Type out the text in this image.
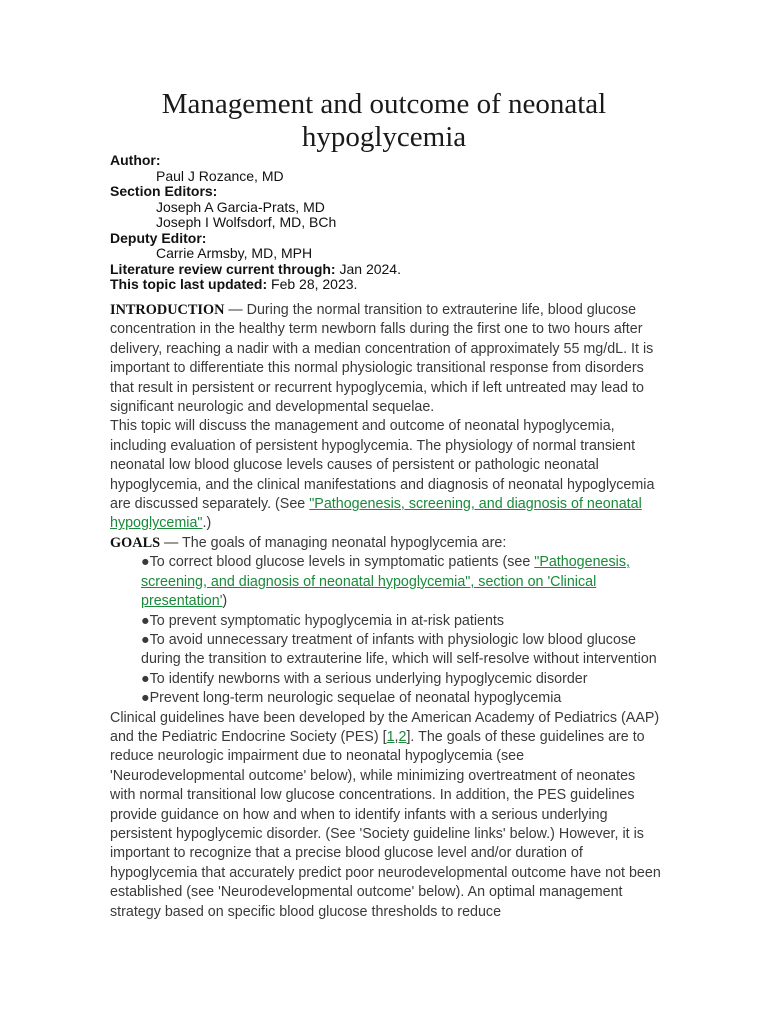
Management and outcome of neonatal hypoglycemia
Author:
Paul J Rozance, MD
Section Editors:
Joseph A Garcia-Prats, MD
Joseph I Wolfsdorf, MD, BCh
Deputy Editor:
Carrie Armsby, MD, MPH
Literature review current through: Jan 2024.
This topic last updated: Feb 28, 2023.

INTRODUCTION — During the normal transition to extrauterine life, blood glucose concentration in the healthy term newborn falls during the first one to two hours after delivery, reaching a nadir with a median concentration of approximately 55 mg/dL. It is important to differentiate this normal physiologic transitional response from disorders that result in persistent or recurrent hypoglycemia, which if left untreated may lead to significant neurologic and developmental sequelae.

This topic will discuss the management and outcome of neonatal hypoglycemia, including evaluation of persistent hypoglycemia. The physiology of normal transient neonatal low blood glucose levels causes of persistent or pathologic neonatal hypoglycemia, and the clinical manifestations and diagnosis of neonatal hypoglycemia are discussed separately. (See "Pathogenesis, screening, and diagnosis of neonatal hypoglycemia".)

GOALS — The goals of managing neonatal hypoglycemia are:

●To correct blood glucose levels in symptomatic patients (see "Pathogenesis, screening, and diagnosis of neonatal hypoglycemia", section on 'Clinical presentation')

●To prevent symptomatic hypoglycemia in at-risk patients

●To avoid unnecessary treatment of infants with physiologic low blood glucose during the transition to extrauterine life, which will self-resolve without intervention

●To identify newborns with a serious underlying hypoglycemic disorder

●Prevent long-term neurologic sequelae of neonatal hypoglycemia

Clinical guidelines have been developed by the American Academy of Pediatrics (AAP) and the Pediatric Endocrine Society (PES) [1,2]. The goals of these guidelines are to reduce neurologic impairment due to neonatal hypoglycemia (see 'Neurodevelopmental outcome' below), while minimizing overtreatment of neonates with normal transitional low glucose concentrations. In addition, the PES guidelines provide guidance on how and when to identify infants with a serious underlying persistent hypoglycemic disorder. (See 'Society guideline links' below.) However, it is important to recognize that a precise blood glucose level and/or duration of hypoglycemia that accurately predict poor neurodevelopmental outcome have not been established (see 'Neurodevelopmental outcome' below). An optimal management strategy based on specific blood glucose thresholds to reduce
